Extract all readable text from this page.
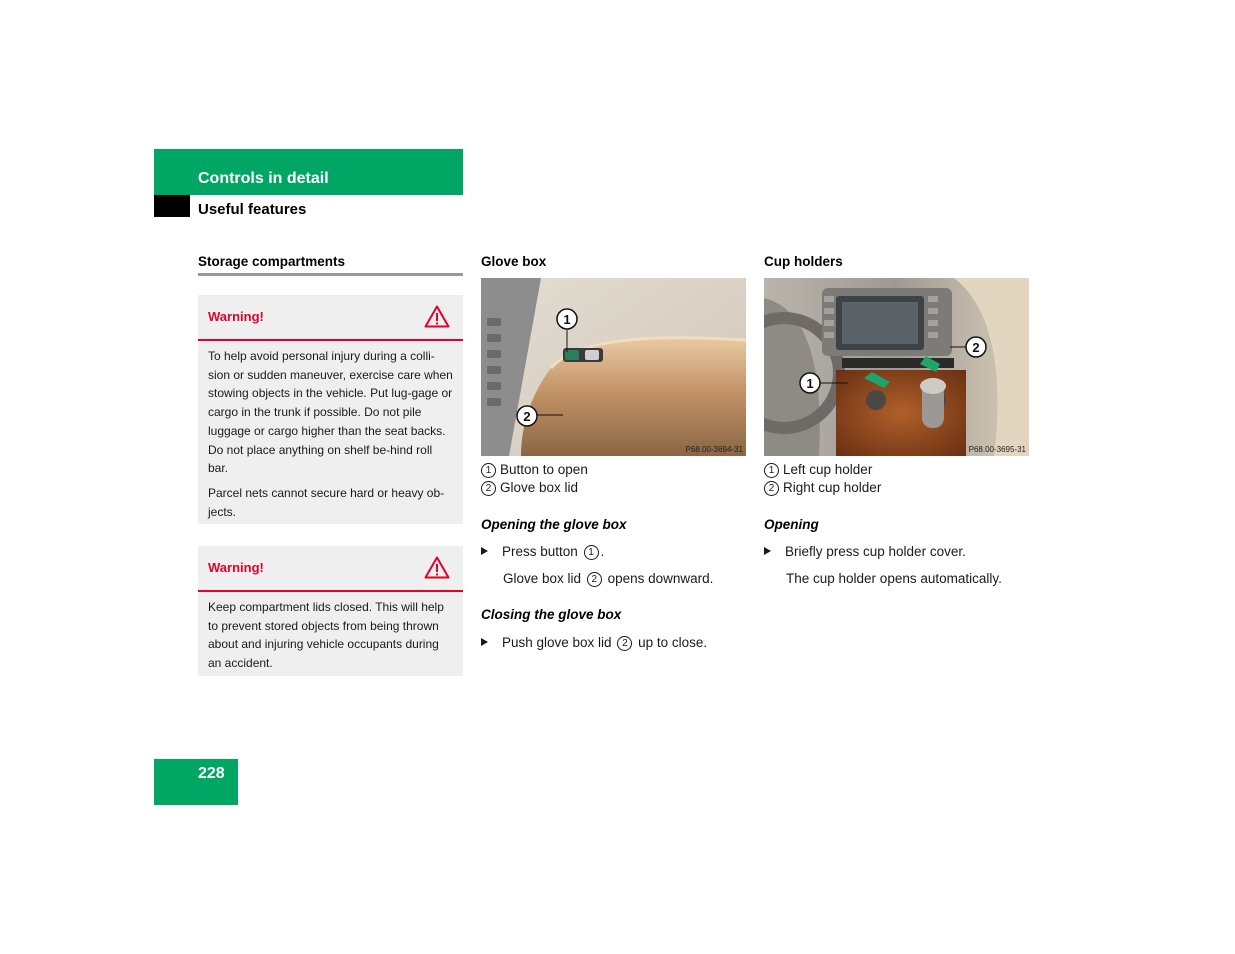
Controls in detail
Useful features
Storage compartments
Warning!

To help avoid personal injury during a colli-sion or sudden maneuver, exercise care when stowing objects in the vehicle. Put lug-gage or cargo in the trunk if possible. Do not pile luggage or cargo higher than the seat backs. Do not place anything on shelf be-hind roll bar.

Parcel nets cannot secure hard or heavy ob-jects.

Warning!

Keep compartment lids closed. This will help to prevent stored objects from being thrown about and injuring vehicle occupants during an accident.

Glove box
1
2
P68.00-3694-31
1 Button to open
2 Glove box lid
Opening the glove box
Press button 1 .
Glove box lid 2 opens downward.
Closing the glove box
Push glove box lid 2 up to close.
Cup holders
1
2
P68.00-3695-31
1 Left cup holder
2 Right cup holder
Opening
Briefly press cup holder cover.
The cup holder opens automatically.
228
